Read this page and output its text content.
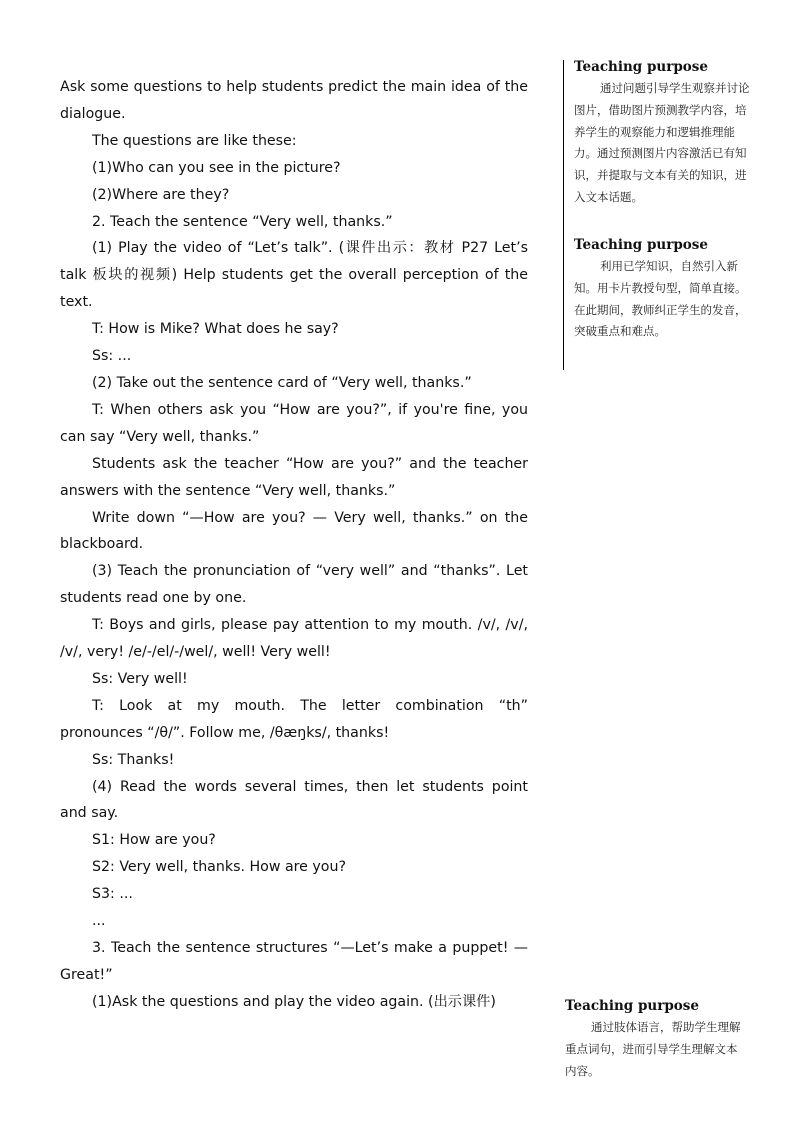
Ask some questions to help students predict the main idea of the dialogue.

The questions are like these:

(1)Who can you see in the picture?

(2)Where are they?

2. Teach the sentence “Very well, thanks.”

(1) Play the video of “Let’s talk”. (课件出示：教材 P27 Let’s talk 板块的视频) Help students get the overall perception of the text.

T: How is Mike? What does he say?

Ss: ...

(2) Take out the sentence card of “Very well, thanks.”

T: When others ask you “How are you?”, if you're fine, you can say “Very well, thanks.”

Students ask the teacher “How are you?” and the teacher answers with the sentence “Very well, thanks.”

Write down “—How are you? — Very well, thanks.” on the blackboard.

(3) Teach the pronunciation of “very well” and “thanks”. Let students read one by one.

T: Boys and girls, please pay attention to my mouth. /v/, /v/, /v/, very! /e/-/el/-/wel/, well! Very well!

Ss: Very well!

T: Look at my mouth. The letter combination “th” pronounces “/θ/”. Follow me, /θæŋks/, thanks!

Ss: Thanks!

(4) Read the words several times, then let students point and say.

S1: How are you?

S2: Very well, thanks. How are you?

S3: ...

...

3. Teach the sentence structures “—Let’s make a puppet! —Great!”

(1)Ask the questions and play the video again. (出示课件)

Teaching purpose

通过问题引导学生观察并讨论图片，借助图片预测教学内容，培养学生的观察能力和逻辑推理能力。通过预测图片内容激活已有知识，并提取与文本有关的知识，进入文本话题。

Teaching purpose

利用已学知识，自然引入新知。用卡片教授句型，简单直接。在此期间，教师纠正学生的发音，突破重点和难点。

Teaching purpose

通过肢体语言，帮助学生理解重点词句，进而引导学生理解文本内容。
